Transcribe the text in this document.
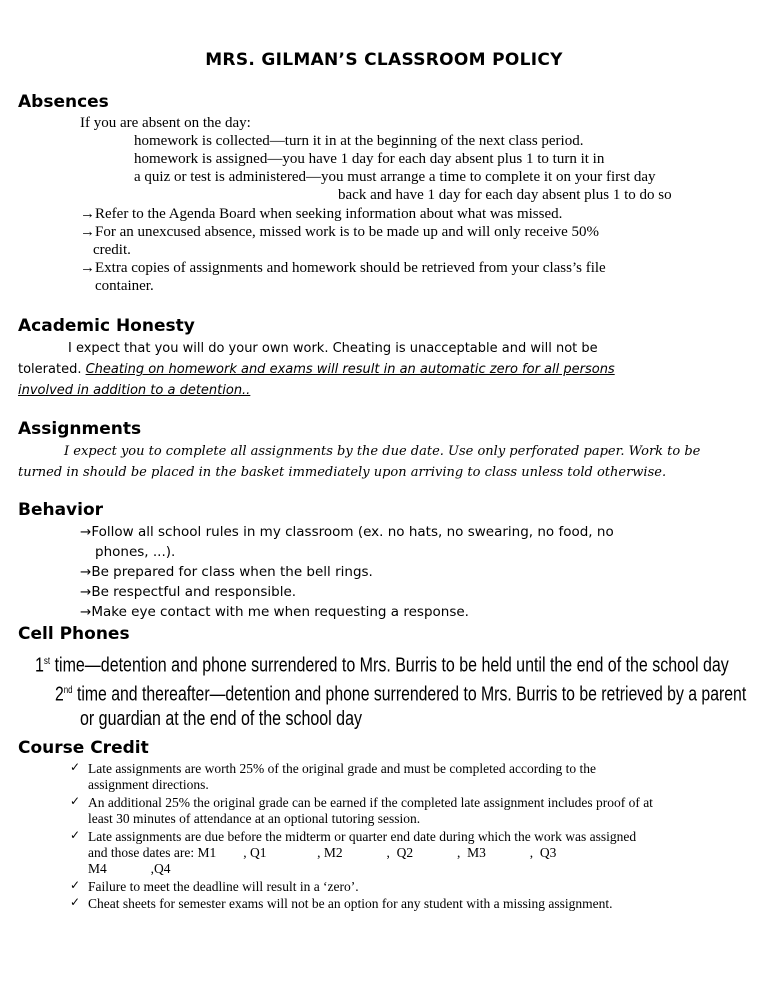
MRS. GILMAN’S CLASSROOM POLICY
Absences
If you are absent on the day:
homework is collected—turn it in at the beginning of the next class period.
homework is assigned—you have 1 day for each day absent plus 1 to turn it in
a quiz or test is administered—you must arrange a time to complete it on your first day
back and have 1 day for each day absent plus 1 to do so
→Refer to the Agenda Board when seeking information about what was missed.
→For an unexcused absence, missed work is to be made up and will only receive 50%
credit.
→Extra copies of assignments and homework should be retrieved from your class’s file
container.
Academic Honesty
I expect that you will do your own work. Cheating is unacceptable and will not be
tolerated. Cheating on homework and exams will result in an automatic zero for all persons
involved in addition to a detention..
Assignments
I expect you to complete all assignments by the due date. Use only perforated paper. Work to be
turned in should be placed in the basket immediately upon arriving to class unless told otherwise.
Behavior
→Follow all school rules in my classroom (ex. no hats, no swearing, no food, no
phones, ...).
→Be prepared for class when the bell rings.
→Be respectful and responsible.
→Make eye contact with me when requesting a response.
Cell Phones
1st time—detention and phone surrendered to Mrs. Burris to be held until the end of the school day
2nd time and thereafter—detention and phone surrendered to Mrs. Burris to be retrieved by a parent
or guardian at the end of the school day
Course Credit
✓ Late assignments are worth 25% of the original grade and must be completed according to the
assignment directions.
✓ An additional 25% the original grade can be earned if the completed late assignment includes proof of at
least 30 minutes of attendance at an optional tutoring session.
✓ Late assignments are due before the midterm or quarter end date during which the work was assigned
and those dates are: M1        , Q1               , M2             ,  Q2             ,  M3             ,  Q3
M4             ,Q4
✓ Failure to meet the deadline will result in a ‘zero’.
✓ Cheat sheets for semester exams will not be an option for any student with a missing assignment.
